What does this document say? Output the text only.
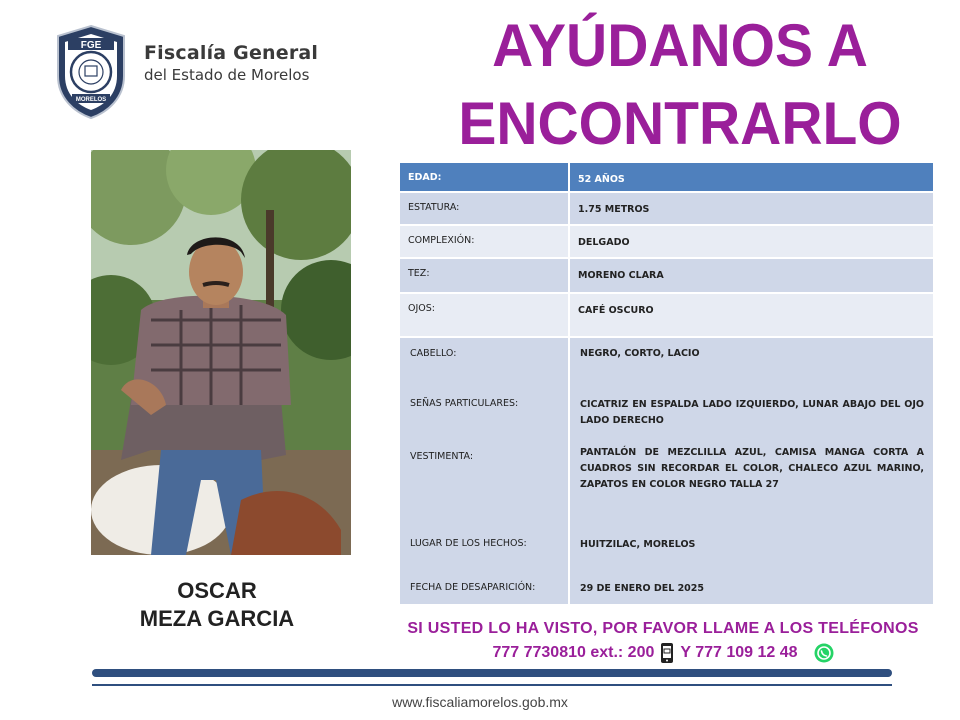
FGE
MORELOS
Fiscalía General
del Estado de Morelos	AYÚDANOS A
ENCONTRARLO
OSCAR
MEZA GARCIA
EDAD:	52 AÑOS
ESTATURA:	1.75 METROS
COMPLEXIÓN:	DELGADO
TEZ:	MORENO CLARA
OJOS:	CAFÉ OSCURO
CABELLO:	NEGRO, CORTO, LACIO
SEÑAS PARTICULARES:	CICATRIZ EN ESPALDA LADO IZQUIERDO, LUNAR ABAJO DEL OJO LADO DERECHO
VESTIMENTA:	PANTALÓN DE MEZCLILLA AZUL, CAMISA MANGA CORTA A CUADROS SIN RECORDAR EL COLOR, CHALECO AZUL MARINO, ZAPATOS EN COLOR NEGRO TALLA 27
LUGAR DE LOS HECHOS:	HUITZILAC, MORELOS
FECHA DE DESAPARICIÓN:	29 DE ENERO DEL 2025
SI USTED LO HA VISTO, POR FAVOR LLAME A LOS TELÉFONOS
777 7730810 ext.: 200 Y 777 109 12 48
www.fiscaliamorelos.gob.mx
